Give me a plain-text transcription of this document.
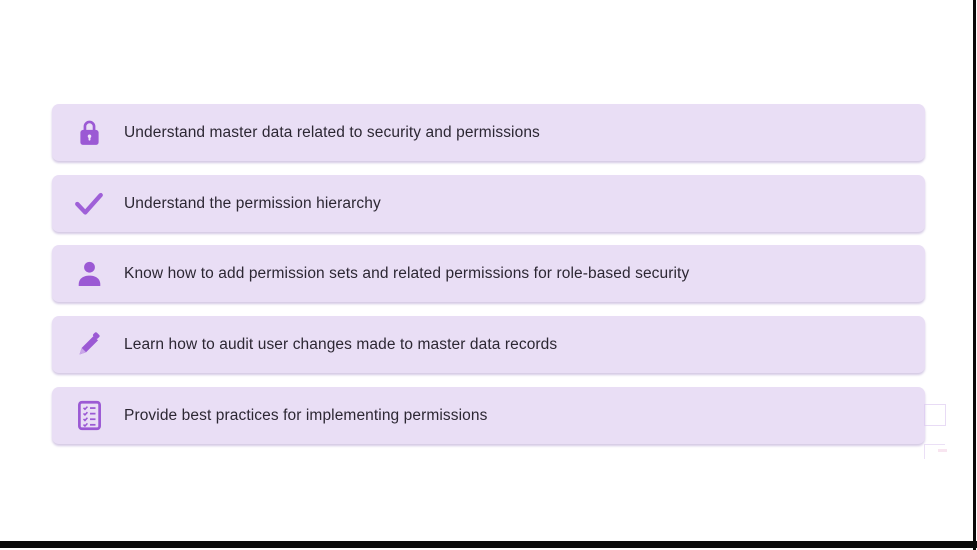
Understand master data related to security and permissions
Understand the permission hierarchy
Know how to add permission sets and related permissions for role-based security
Learn how to audit user changes made to master data records
Provide best practices for implementing permissions
